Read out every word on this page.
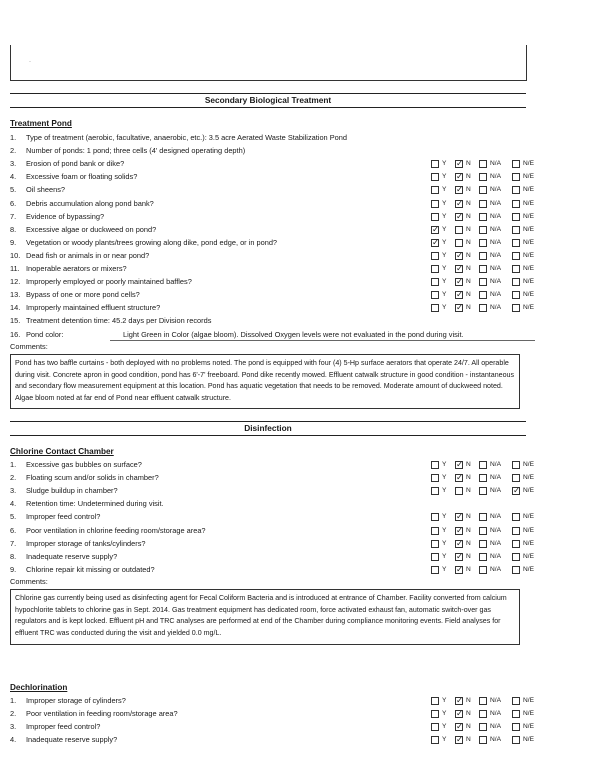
·
Secondary Biological Treatment
Treatment Pond
1. Type of treatment (aerobic, facultative, anaerobic, etc.): 3.5 acre Aerated Waste Stabilization Pond
2. Number of ponds: 1 pond; three cells (4' designed operating depth)
3. Erosion of pond bank or dike?	Y ✓	N	N/A	N/E
4. Excessive foam or floating solids?	Y ✓	N	N/A	N/E
5. Oil sheens?	Y ✓	N	N/A	N/E
6. Debris accumulation along pond bank?	Y ✓	N	N/A	N/E
7. Evidence of bypassing?	Y ✓	N	N/A	N/E
8. Excessive algae or duckweed on pond? ✓	Y	N	N/A	N/E
9. Vegetation or woody plants/trees growing along dike, pond edge, or in pond? ✓	Y	N	N/A	N/E
10. Dead fish or animals in or near pond?	Y ✓	N	N/A	N/E
11. Inoperable aerators or mixers?	Y ✓	N	N/A	N/E
12. Improperly employed or poorly maintained baffles?	Y ✓	N	N/A	N/E
13. Bypass of one or more pond cells?	Y ✓	N	N/A	N/E
14. Improperly maintained effluent structure?	Y ✓	N	N/A	N/E
15. Treatment detention time: 45.2 days per Division records
16. Pond color:	Light Green in Color (algae bloom). Dissolved Oxygen levels were not evaluated in the pond during visit.
Comments:
Pond has two baffle curtains - both deployed with no problems noted. The pond is equipped with four (4) 5-Hp surface aerators that operate 24/7. All operable during visit. Concrete apron in good condition, pond has 6'-7' freeboard. Pond dike recently mowed. Effluent catwalk structure in good condition - instantaneous and secondary flow measurement equipment at this location. Pond has aquatic vegetation that needs to be removed. Moderate amount of duckweed noted. Algae bloom noted at far end of Pond near effluent catwalk structure.
Disinfection
Chlorine Contact Chamber
1. Excessive gas bubbles on surface?	Y ✓	N	N/A	N/E
2. Floating scum and/or solids in chamber?	Y ✓	N	N/A	N/E
3. Sludge buildup in chamber?	Y	N	N/A ✓	N/E
4. Retention time: Undetermined during visit.
5. Improper feed control?	Y ✓	N	N/A	N/E
6. Poor ventilation in chlorine feeding room/storage area?	Y ✓	N	N/A	N/E
7. Improper storage of tanks/cylinders?	Y ✓	N	N/A	N/E
8. Inadequate reserve supply?	Y ✓	N	N/A	N/E
9. Chlorine repair kit missing or outdated?	Y ✓	N	N/A	N/E
Comments:
Chlorine gas currently being used as disinfecting agent for Fecal Coliform Bacteria and is introduced at entrance of Chamber. Facility converted from calcium hypochlorite tablets to chlorine gas in Sept. 2014. Gas treatment equipment has dedicated room, force activated exhaust fan, automatic switch-over gas regulators and is kept locked. Effluent pH and TRC analyses are performed at end of the Chamber during compliance monitoring events. Field analyses for effluent TRC was conducted during the visit and yielded 0.0 mg/L.
Dechlorination
1. Improper storage of cylinders?	Y ✓	N	N/A	N/E
2. Poor ventilation in feeding room/storage area?	Y ✓	N	N/A	N/E
3. Improper feed control?	Y ✓	N	N/A	N/E
4. Inadequate reserve supply?	Y ✓	N	N/A	N/E
